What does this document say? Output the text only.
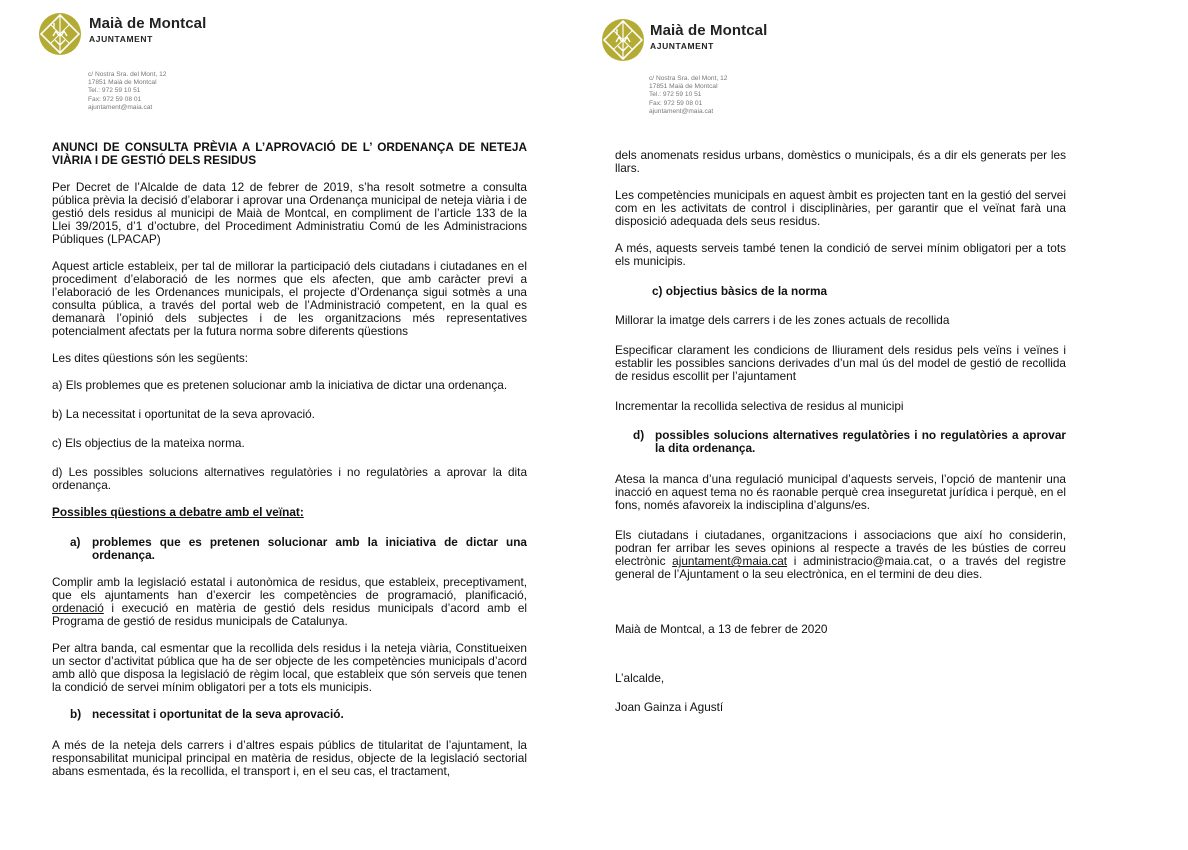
Maià de Montcal
AJUNTAMENT
c/ Nostra Sra. del Mont, 12
17851 Maià de Montcal
Tel.: 972 59 10 51
Fax: 972 59 08 01
ajuntament@maia.cat
ANUNCI DE CONSULTA PRÈVIA A L’APROVACIÓ DE L’ ORDENANÇA DE NETEJA VIÀRIA I DE GESTIÓ DELS RESIDUS
Per Decret de l’Alcalde de data 12 de febrer de 2019, s’ha resolt sotmetre a consulta pública prèvia la decisió d’elaborar i aprovar una Ordenança municipal de neteja viària i de gestió dels residus al municipi de Maià de Montcal, en compliment de l’article 133 de la Llei 39/2015, d’1 d’octubre, del Procediment Administratiu Comú de les Administracions Públiques (LPACAP)
Aquest article estableix, per tal de millorar la participació dels ciutadans i ciutadanes en el procediment d’elaboració de les normes que els afecten, que amb caràcter previ a l’elaboració de les Ordenances municipals, el projecte d’Ordenança sigui sotmès a una consulta pública, a través del portal web de l’Administració competent, en la qual es demanarà l’opinió dels subjectes i de les organitzacions més representatives potencialment afectats per la futura norma sobre diferents qüestions
Les dites qüestions són les següents:
a) Els problemes que es pretenen solucionar amb la iniciativa de dictar una ordenança.
b) La necessitat i oportunitat de la seva aprovació.
c) Els objectius de la mateixa norma.
d) Les possibles solucions alternatives regulatòries i no regulatòries a aprovar la dita ordenança.
Possibles qüestions a debatre amb el veïnat:
a) problemes que es pretenen solucionar amb la iniciativa de dictar una ordenança.
Complir amb la legislació estatal i autonòmica de residus, que estableix, preceptivament, que els ajuntaments han d’exercir les competències de programació, planificació, ordenació i execució en matèria de gestió dels residus municipals d’acord amb el Programa de gestió de residus municipals de Catalunya.
Per altra banda, cal esmentar que la recollida dels residus i la neteja viària, Constitueixen un sector d’activitat pública que ha de ser objecte de les competències municipals d’acord amb allò que disposa la legislació de règim local, que estableix que són serveis que tenen la condició de servei mínim obligatori per a tots els municipis.
b) necessitat i oportunitat de la seva aprovació.
A més de la neteja dels carrers i d’altres espais públics de titularitat de l’ajuntament, la responsabilitat municipal principal en matèria de residus, objecte de la legislació sectorial abans esmentada, és la recollida, el transport i, en el seu cas, el tractament,
Maià de Montcal
AJUNTAMENT
c/ Nostra Sra. del Mont, 12
17851 Maià de Montcal
Tel.: 972 59 10 51
Fax: 972 59 08 01
ajuntament@maia.cat
dels anomenats residus urbans, domèstics o municipals, és a dir els generats per les llars.
Les competències municipals en aquest àmbit es projecten tant en la gestió del servei com en les activitats de control i disciplinàries, per garantir que el veïnat farà una disposició adequada dels seus residus.
A més, aquests serveis també tenen la condició de servei mínim obligatori per a tots els municipis.
c) objectius bàsics de la norma
Millorar la imatge dels carrers i de les zones actuals de recollida
Especificar clarament les condicions de lliurament dels residus pels veïns i veïnes i establir les possibles sancions derivades d’un mal ús del model de gestió de recollida de residus escollit per l’ajuntament
Incrementar la recollida selectiva de residus al municipi
d) possibles solucions alternatives regulatòries i no regulatòries a aprovar la dita ordenança.
Atesa la manca d’una regulació municipal d’aquests serveis, l’opció de mantenir una inacció en aquest tema no és raonable perquè crea inseguretat jurídica i perquè, en el fons, només afavoreix la indisciplina d’alguns/es.
Els ciutadans i ciutadanes, organitzacions i associacions que així ho considerin, podran fer arribar les seves opinions al respecte a través de les bústies de correu electrònic ajuntament@maia.cat i administracio@maia.cat, o a través del registre general de l’Ajuntament o la seu electrònica, en el termini de deu dies.
Maià de Montcal, a 13 de febrer de 2020
L’alcalde,
Joan Gainza i Agustí
